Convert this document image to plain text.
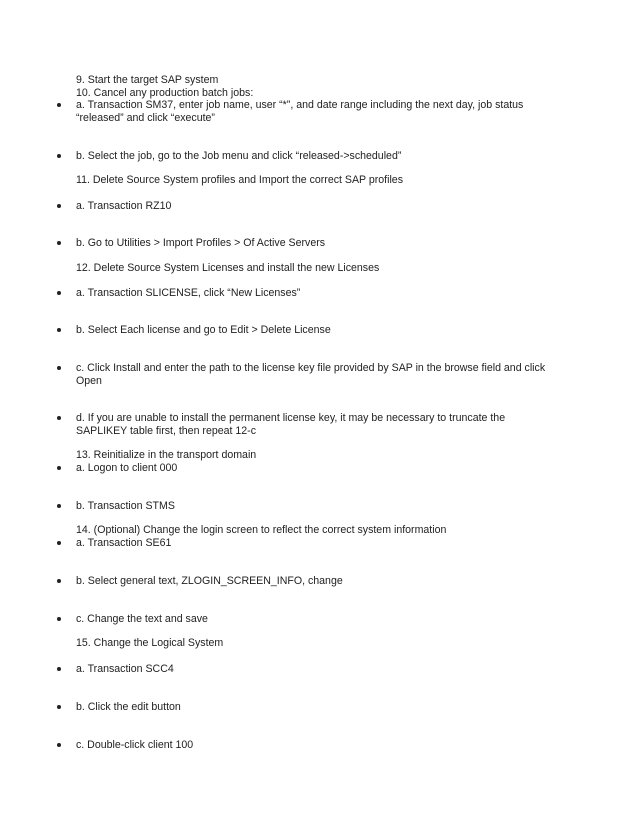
9. Start the target SAP system
10. Cancel any production batch jobs:
a. Transaction SM37, enter job name, user “*”, and date range including the next day, job status “released” and click “execute”
b. Select the job, go to the Job menu and click “released->scheduled”
11. Delete Source System profiles and Import the correct SAP profiles
a. Transaction RZ10
b. Go to Utilities > Import Profiles > Of Active Servers
12. Delete Source System Licenses and install the new Licenses
a. Transaction SLICENSE, click “New Licenses”
b. Select Each license and go to Edit > Delete License
c. Click Install and enter the path to the license key file provided by SAP in the browse field and click Open
d. If you are unable to install the permanent license key, it may be necessary to truncate the SAPLIKEY table first, then repeat 12-c
13. Reinitialize in the transport domain
a. Logon to client 000
b. Transaction STMS
14. (Optional) Change the login screen to reflect the correct system information
a. Transaction SE61
b. Select general text, ZLOGIN_SCREEN_INFO, change
c. Change the text and save
15. Change the Logical System
a. Transaction SCC4
b. Click the edit button
c. Double-click client 100
